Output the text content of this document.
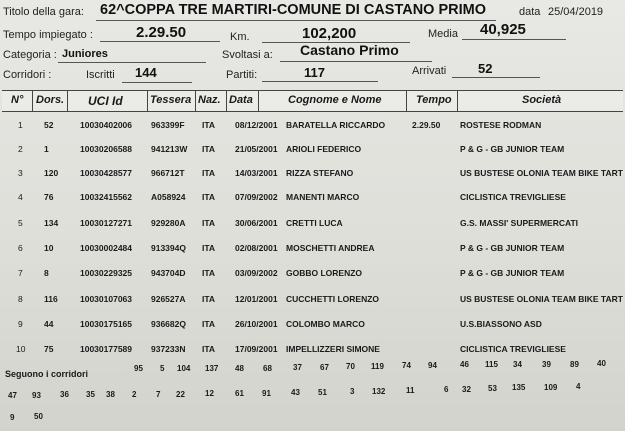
Titolo della gara: 62^COPPA TRE MARTIRI-COMUNE DI CASTANO PRIMO	data 25/04/2019
Tempo impiegato :	2.29.50	Km.	102,200	Media 40,925
Categoria : Juniores	Svoltasi a: Castano Primo
Corridori :	Iscritti 144	Partiti:	117	Arrivati 52
N° Dors. UCI Id Tessera Naz. Data	Cognome e Nome	Tempo	Società
1	52	10030402006 963399F ITA 08/12/2001 BARATELLA RICCARDO	2.29.50 ROSTESE RODMAN
2	1	10030206588 941213W ITA 21/05/2001 ARIOLI FEDERICO	P & G - GB JUNIOR TEAM
3	120	10030428577 966712T ITA 14/03/2001 RIZZA STEFANO	US BUSTESE OLONIA TEAM BIKE TART
4	76	10032415562 A058924 ITA 07/09/2002 MANENTI MARCO	CICLISTICA TREVIGLIESE
5	134	10030127271 929280A ITA 30/06/2001 CRETTI LUCA	G.S. MASSI' SUPERMERCATI
6	10	10030002484 913394Q ITA 02/08/2001 MOSCHETTI ANDREA	P & G - GB JUNIOR TEAM
7	8	10030229325 943704D ITA 03/09/2002 GOBBO LORENZO	P & G - GB JUNIOR TEAM
8	116	10030107063 926527A ITA 12/01/2001 CUCCHETTI LORENZO	US BUSTESE OLONIA TEAM BIKE TART
9	44	10030175165 936682Q ITA 26/10/2001 COLOMBO MARCO	U.S.BIASSONO ASD
10 75	10030177589 937233N ITA 17/09/2001 IMPELLIZZERI SIMONE	CICLISTICA TREVIGLIESE
Seguono i corridori
95 5 104 137 48 68	37 67 70 119 74 94	46 115 34	39 89 40
47 93 36 35 38 2 7 22	12	61 91	43 51	3 132	11	6 32 53 135 109 4
9 50
